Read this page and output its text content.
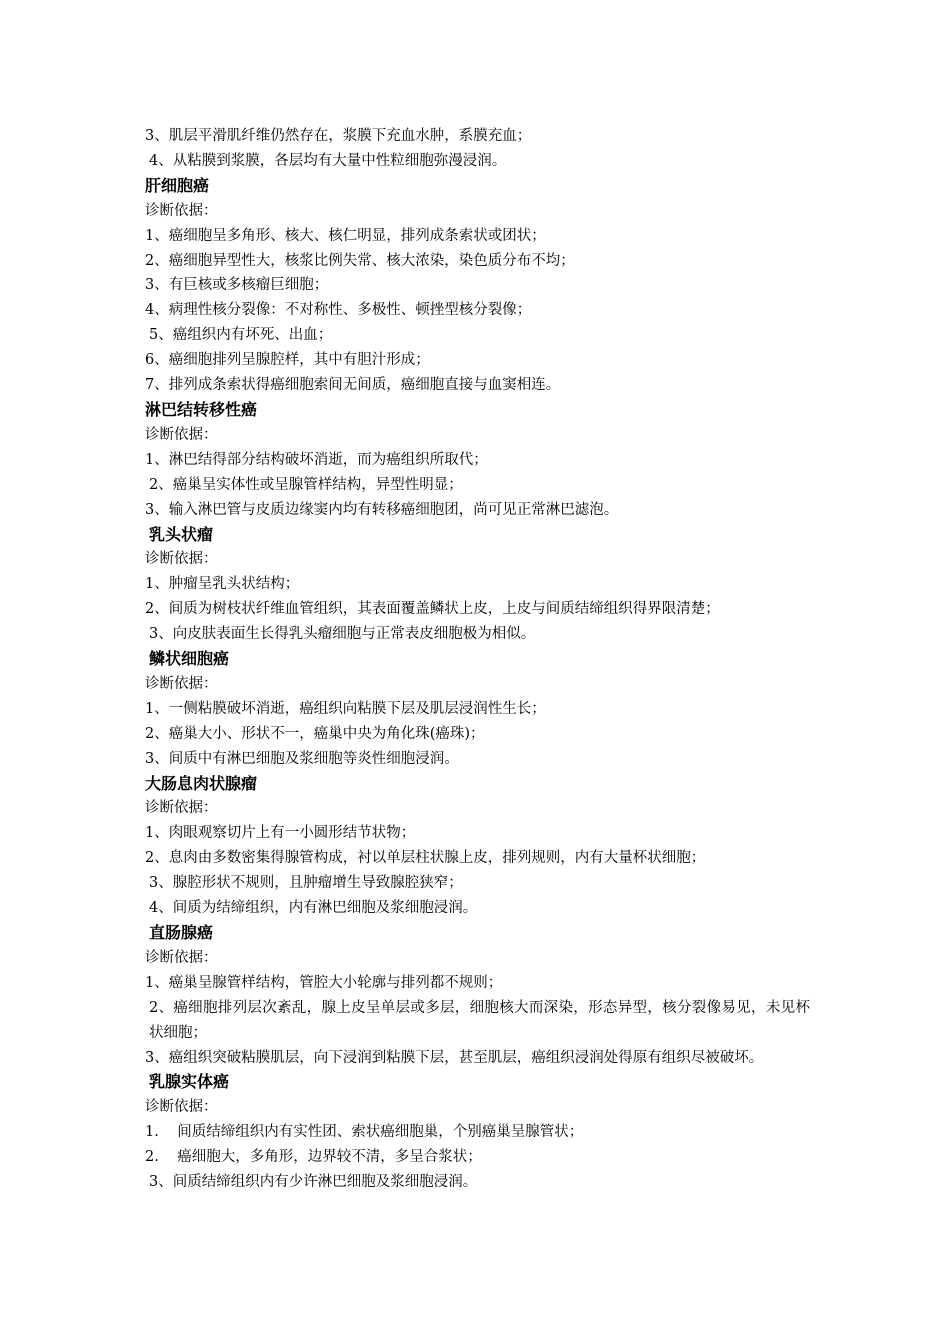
3、肌层平滑肌纤维仍然存在，浆膜下充血水肿，系膜充血；
4、从粘膜到浆膜，各层均有大量中性粒细胞弥漫浸润。
肝细胞癌
诊断依据：
1、癌细胞呈多角形、核大、核仁明显，排列成条索状或团状；
2、癌细胞异型性大，核浆比例失常、核大浓染，染色质分布不均；
3、有巨核或多核瘤巨细胞；
4、病理性核分裂像：不对称性、多极性、顿挫型核分裂像；
5、癌组织内有坏死、出血；
6、癌细胞排列呈腺腔样，其中有胆汁形成；
7、排列成条索状得癌细胞索间无间质，癌细胞直接与血窦相连。
淋巴结转移性癌
诊断依据：
1、淋巴结得部分结构破坏消逝，而为癌组织所取代；
2、癌巢呈实体性或呈腺管样结构，异型性明显；
3、输入淋巴管与皮质边缘窦内均有转移癌细胞团，尚可见正常淋巴滤泡。
乳头状瘤
诊断依据：
1、肿瘤呈乳头状结构；
2、间质为树枝状纤维血管组织，其表面覆盖鳞状上皮，上皮与间质结缔组织得界限清楚；
3、向皮肤表面生长得乳头瘤细胞与正常表皮细胞极为相似。
鳞状细胞癌
诊断依据：
1、一侧粘膜破坏消逝，癌组织向粘膜下层及肌层浸润性生长；
2、癌巢大小、形状不一，癌巢中央为角化珠(癌珠)；
3、间质中有淋巴细胞及浆细胞等炎性细胞浸润。
大肠息肉状腺瘤
诊断依据：
1、肉眼观察切片上有一小圆形结节状物；
2、息肉由多数密集得腺管构成，衬以单层柱状腺上皮，排列规则，内有大量杯状细胞；
3、腺腔形状不规则，且肿瘤增生导致腺腔狭窄；
4、间质为结缔组织，内有淋巴细胞及浆细胞浸润。
直肠腺癌
诊断依据：
1、癌巢呈腺管样结构，管腔大小轮廓与排列都不规则；
2、癌细胞排列层次紊乱，腺上皮呈单层或多层，细胞核大而深染，形态异型，核分裂像易见，未见杯状细胞；
3、癌组织突破粘膜肌层，向下浸润到粘膜下层，甚至肌层，癌组织浸润处得原有组织尽被破坏。
乳腺实体癌
诊断依据：
1.    间质结缔组织内有实性团、索状癌细胞巢，个别癌巢呈腺管状；
2.    癌细胞大，多角形，边界较不清，多呈合浆状；
3、间质结缔组织内有少许淋巴细胞及浆细胞浸润。
